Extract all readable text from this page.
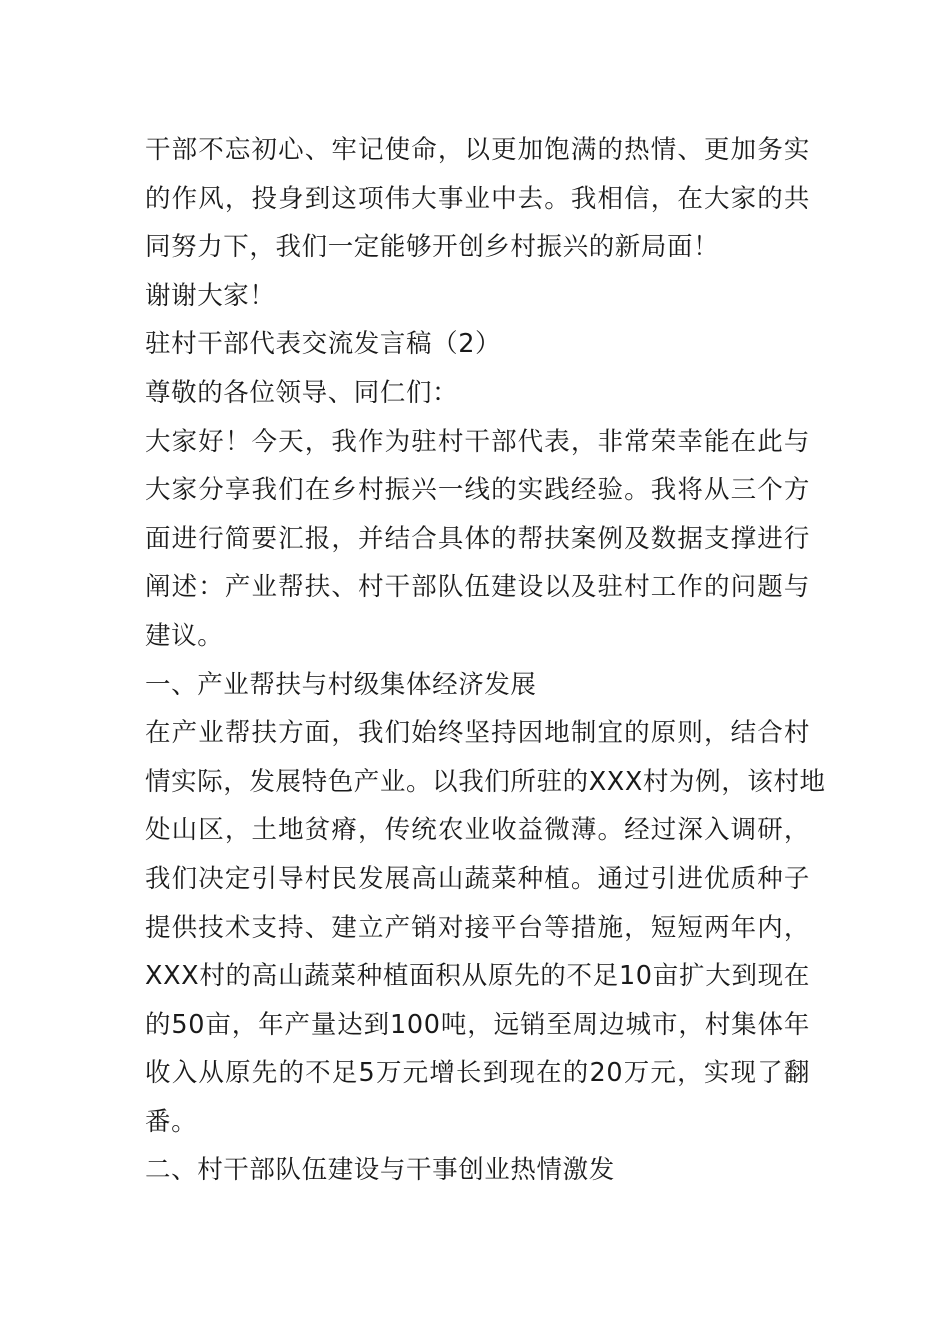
干部不忘初心、牢记使命，以更加饱满的热情、更加务实
的作风，投身到这项伟大事业中去。我相信，在大家的共
同努力下，我们一定能够开创乡村振兴的新局面！
谢谢大家！
驻村干部代表交流发言稿（2）
尊敬的各位领导、同仁们：
大家好！今天，我作为驻村干部代表，非常荣幸能在此与
大家分享我们在乡村振兴一线的实践经验。我将从三个方
面进行简要汇报，并结合具体的帮扶案例及数据支撑进行
阐述：产业帮扶、村干部队伍建设以及驻村工作的问题与
建议。
一、产业帮扶与村级集体经济发展
在产业帮扶方面，我们始终坚持因地制宜的原则，结合村
情实际，发展特色产业。以我们所驻的XXX村为例，该村地
处山区，土地贫瘠，传统农业收益微薄。经过深入调研，
我们决定引导村民发展高山蔬菜种植。通过引进优质种子
提供技术支持、建立产销对接平台等措施，短短两年内，
XXX村的高山蔬菜种植面积从原先的不足10亩扩大到现在
的50亩，年产量达到100吨，远销至周边城市，村集体年
收入从原先的不足5万元增长到现在的20万元，实现了翻
番。
二、村干部队伍建设与干事创业热情激发
